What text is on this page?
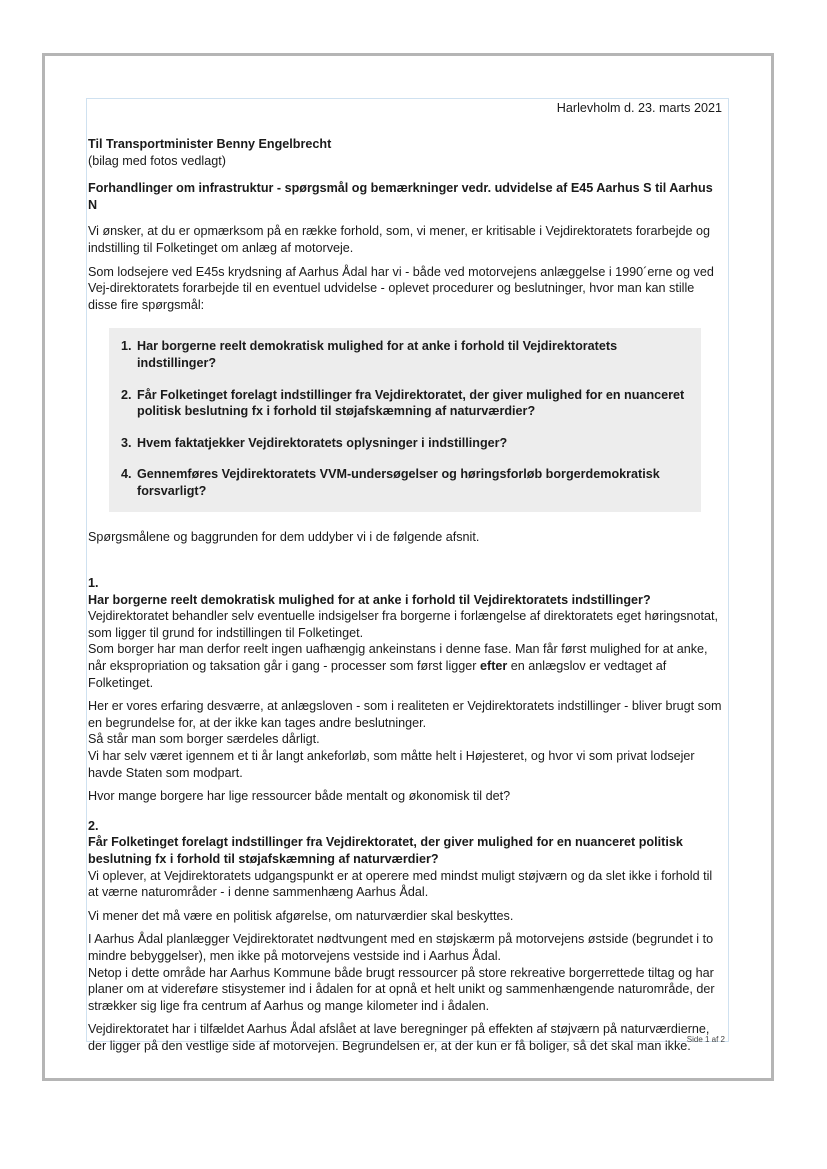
Harlevholm d. 23. marts 2021

Til Transportminister Benny Engelbrecht

(bilag med fotos vedlagt)

Forhandlinger om infrastruktur - spørgsmål og bemærkninger vedr. udvidelse af E45 Aarhus S til Aarhus N

Vi ønsker, at du er opmærksom på en række forhold, som, vi mener, er kritisable i Vejdirektoratets forarbejde og indstilling til Folketinget om anlæg af motorveje.

Som lodsejere ved E45s krydsning af Aarhus Ådal har vi - både ved motorvejens anlæggelse i 1990´erne og ved Vej-direktoratets forarbejde til en eventuel udvidelse - oplevet procedurer og beslutninger, hvor man kan stille disse fire spørgsmål:

1. Har borgerne reelt demokratisk mulighed for at anke i forhold til Vejdirektoratets indstillinger?
2. Får Folketinget forelagt indstillinger fra Vejdirektoratet, der giver mulighed for en nuanceret politisk beslutning fx i forhold til støjafskæmning af naturværdier?
3. Hvem faktatjekker Vejdirektoratets oplysninger i indstillinger?
4. Gennemføres Vejdirektoratets VVM-undersøgelser og høringsforløb borgerdemokratisk forsvarligt?

Spørgsmålene og baggrunden for dem uddyber vi i de følgende afsnit.

1.

Har borgerne reelt demokratisk mulighed for at anke i forhold til Vejdirektoratets indstillinger?

Vejdirektoratet behandler selv eventuelle indsigelser fra borgerne i forlængelse af direktoratets eget høringsnotat, som ligger til grund for indstillingen til Folketinget.

Som borger har man derfor reelt ingen uafhængig ankeinstans i denne fase. Man får først mulighed for at anke, når ekspropriation og taksation går i gang - processer som først ligger efter en anlægslov er vedtaget af Folketinget.

Her er vores erfaring desværre, at anlægsloven - som i realiteten er Vejdirektoratets indstillinger - bliver brugt som en begrundelse for, at der ikke kan tages andre beslutninger.

Så står man som borger særdeles dårligt.

Vi har selv været igennem et ti år langt ankeforløb, som måtte helt i Højesteret, og hvor vi som privat lodsejer havde Staten som modpart.

Hvor mange borgere har lige ressourcer både mentalt og økonomisk til det?

2.

Får Folketinget forelagt indstillinger fra Vejdirektoratet, der giver mulighed for en nuanceret politisk beslutning fx i forhold til støjafskæmning af naturværdier?

Vi oplever, at Vejdirektoratets udgangspunkt er at operere med mindst muligt støjværn og da slet ikke i forhold til at værne naturområder - i denne sammenhæng Aarhus Ådal.

Vi mener det må være en politisk afgørelse, om naturværdier skal beskyttes.

I Aarhus Ådal planlægger Vejdirektoratet nødtvungent med en støjskærm på motorvejens østside (begrundet i to mindre bebyggelser), men ikke på motorvejens vestside ind i Aarhus Ådal.

Netop i dette område har Aarhus Kommune både brugt ressourcer på store rekreative borgerrettede tiltag og har planer om at videreføre stisystemer ind i ådalen for at opnå et helt unikt og sammenhængende naturområde, der strækker sig lige fra centrum af Aarhus og mange kilometer ind i ådalen.

Vejdirektoratet har i tilfældet Aarhus Ådal afslået at lave beregninger på effekten af støjværn på naturværdierne, der ligger på den vestlige side af motorvejen. Begrundelsen er, at der kun er få boliger, så det skal man ikke.

Side 1 af 2
